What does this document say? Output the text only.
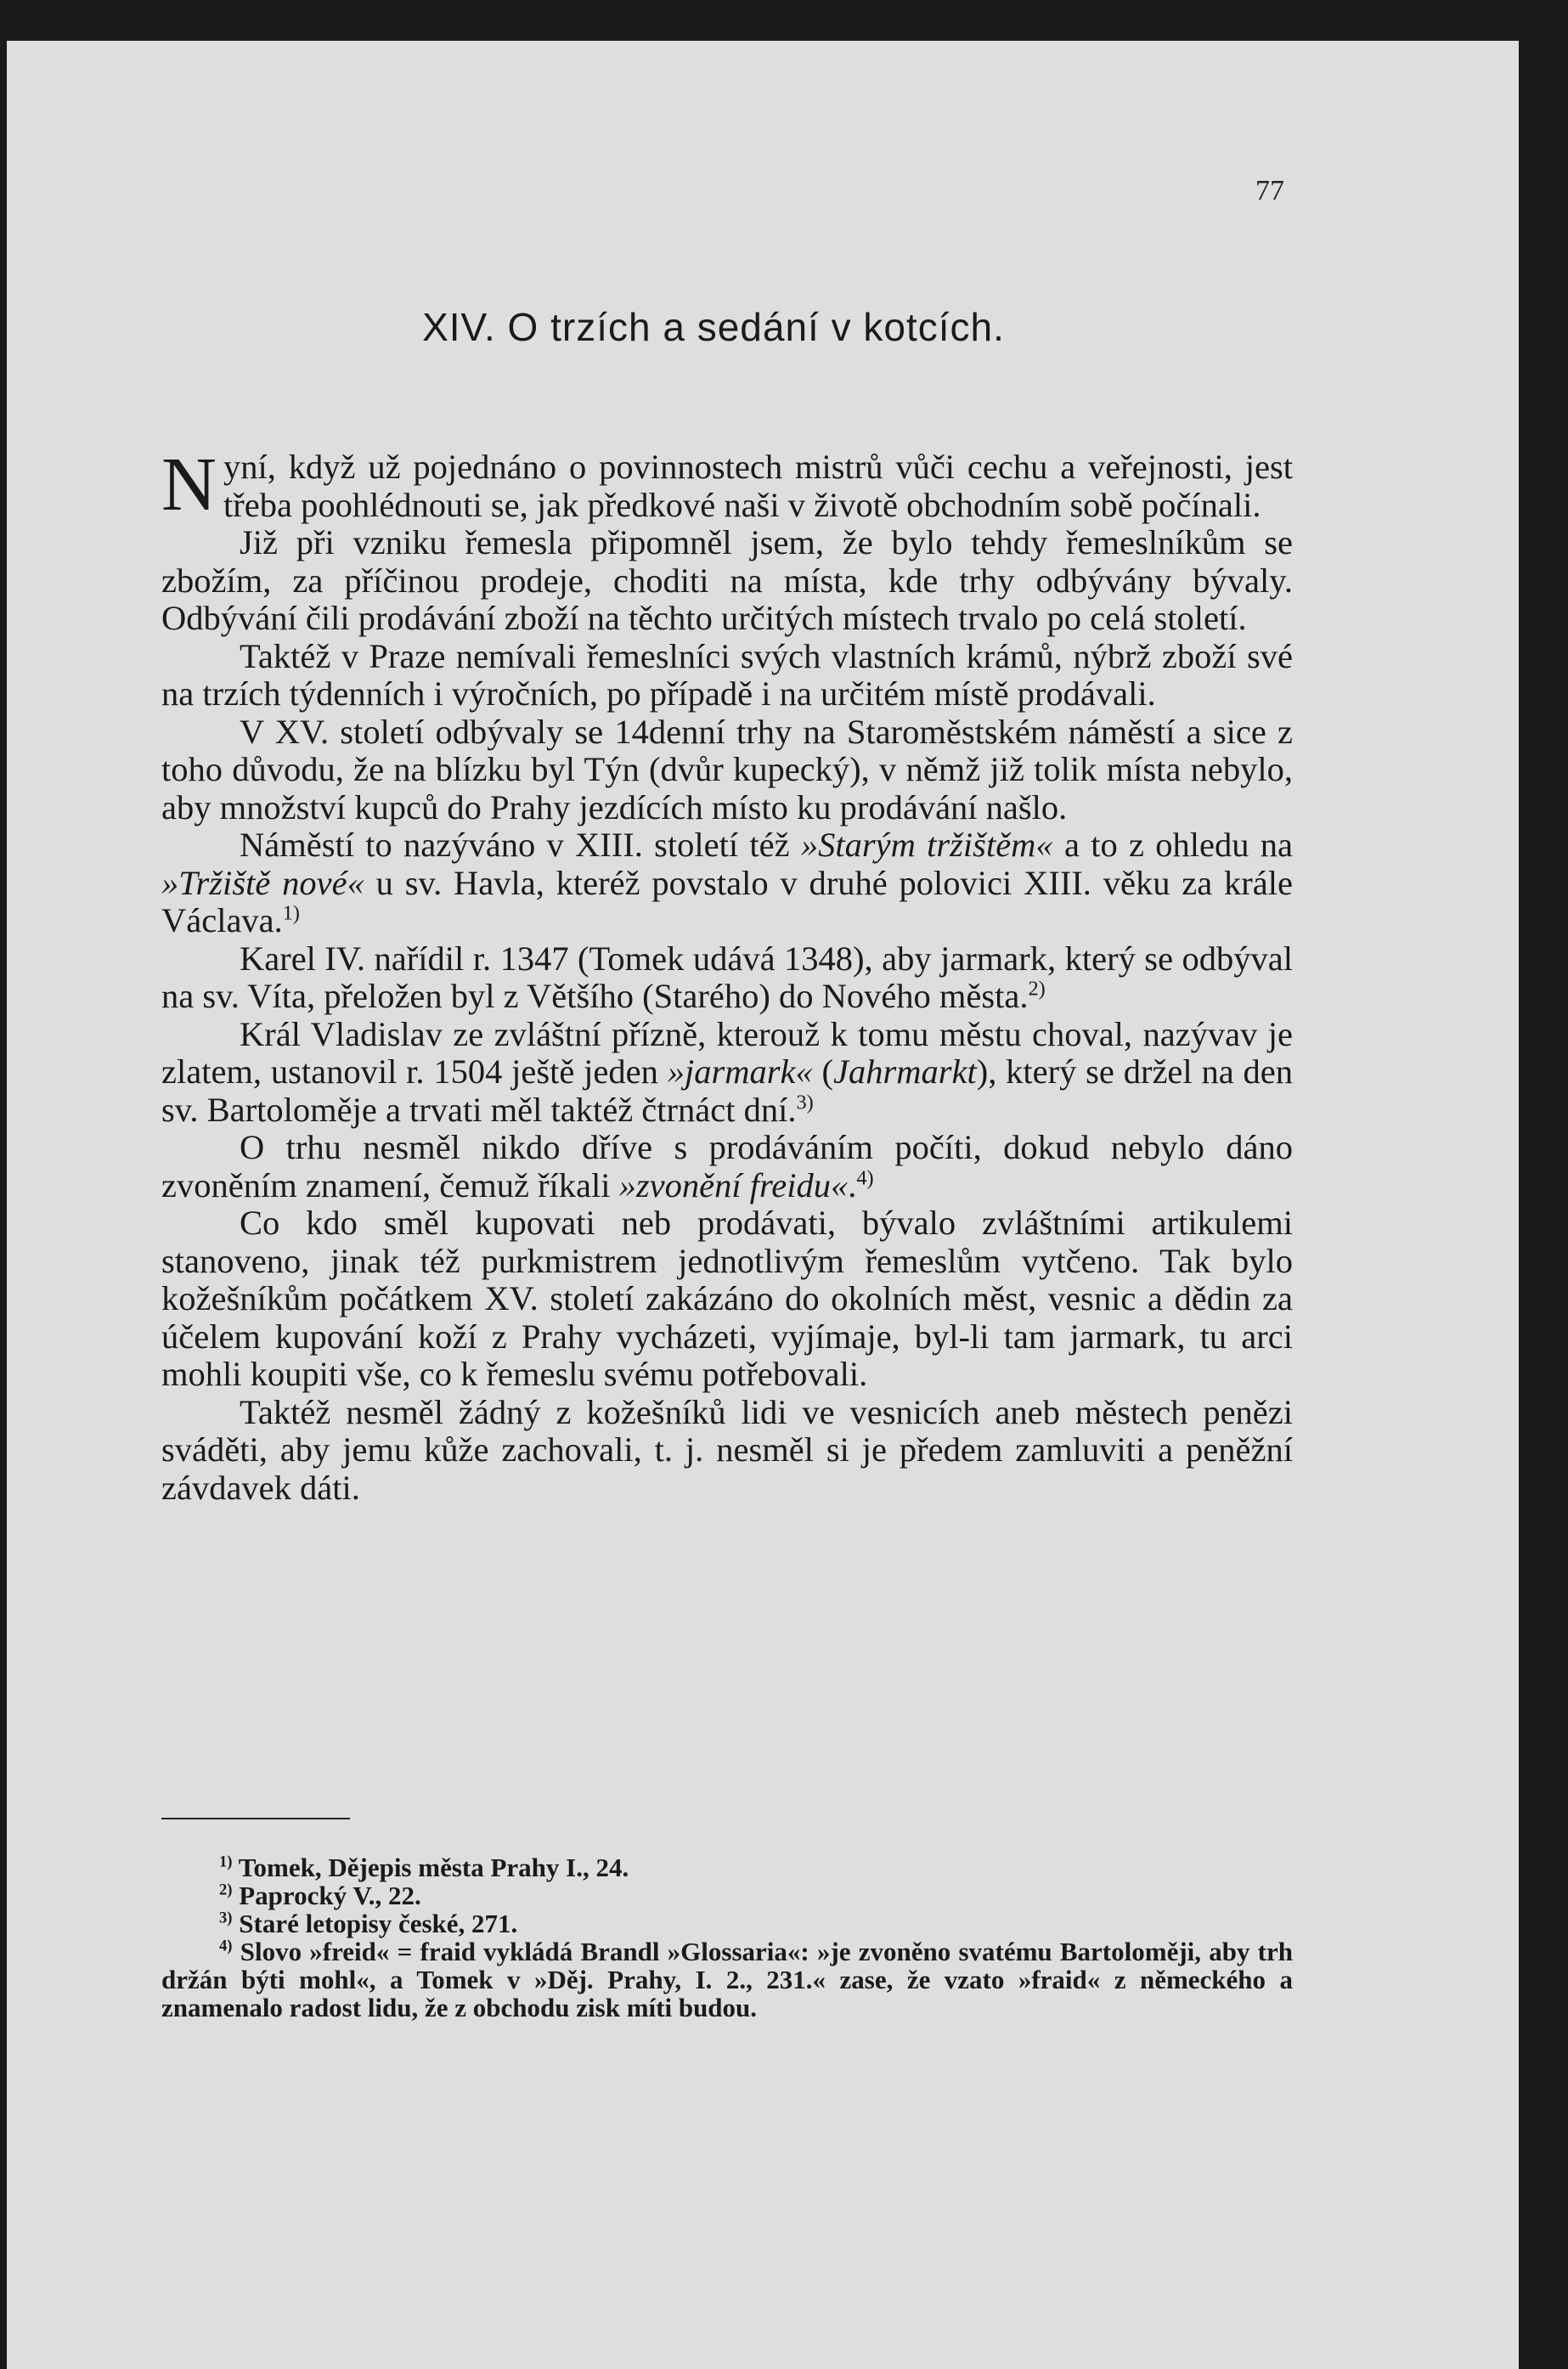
77
XIV. O trzích a sedání v kotcích.

Nyní, když už pojednáno o povinnostech mistrů vůči cechu a veřejnosti, jest třeba poohlédnouti se, jak předkové naši v životě obchodním sobě počínali.

Již při vzniku řemesla připomněl jsem, že bylo tehdy řemeslníkům se zbožím, za příčinou prodeje, choditi na místa, kde trhy odbývány bývaly. Odbývání čili prodávání zboží na těchto určitých místech trvalo po celá století.

Taktéž v Praze nemívali řemeslníci svých vlastních krámů, nýbrž zboží své na trzích týdenních i výročních, po případě i na určitém místě prodávali.

V XV. století odbývaly se 14denní trhy na Staroměstském náměstí a sice z toho důvodu, že na blízku byl Týn (dvůr kupecký), v němž již tolik místa nebylo, aby množství kupců do Prahy jezdících místo ku prodávání našlo.

Náměstí to nazýváno v XIII. století též »Starým tržištěm« a to z ohledu na »Tržiště nové« u sv. Havla, kteréž povstalo v druhé polovici XIII. věku za krále Václava.$^{1)}$

Karel IV. nařídil r. 1347 (Tomek udává 1348), aby jarmark, který se odbýval na sv. Víta, přeložen byl z Většího (Starého) do Nového města.$^{2)}$

Král Vladislav ze zvláštní přízně, kterouž k tomu městu choval, nazývav je zlatem, ustanovil r. 1504 ještě jeden »jarmark« (Jahrmarkt), který se držel na den sv. Bartoloměje a trvati měl taktéž čtrnáct dní.$^{3)}$

O trhu nesměl nikdo dříve s prodáváním počíti, dokud nebylo dáno zvoněním znamení, čemuž říkali »zvonění freidu«.$^{4)}$

Co kdo směl kupovati neb prodávati, bývalo zvláštními artikulemi stanoveno, jinak též purkmistrem jednotlivým řemeslům vytčeno. Tak bylo kožešníkům počátkem XV. století zakázáno do okolních měst, vesnic a dědin za účelem kupování koží z Prahy vycházeti, vyjímaje, byl-li tam jarmark, tu arci mohli koupiti vše, co k řemeslu svému potřebovali.

Taktéž nesměl žádný z kožešníků lidi ve vesnicích aneb městech penězi sváděti, aby jemu kůže zachovali, t. j. nesměl si je předem zamluviti a peněžní závdavek dáti.

$^{1)}$ Tomek, Dějepis města Prahy I., 24.

$^{2)}$ Paprocký V., 22.

$^{3)}$ Staré letopisy české, 271.

$^{4)}$ Slovo »freid« = fraid vykládá Brandl »Glossaria«: »je zvoněno svatému Bartoloměji, aby trh držán býti mohl«, a Tomek v »Děj. Prahy, I. 2., 231.« zase, že vzato »fraid« z německého a znamenalo radost lidu, že z obchodu zisk míti budou.
